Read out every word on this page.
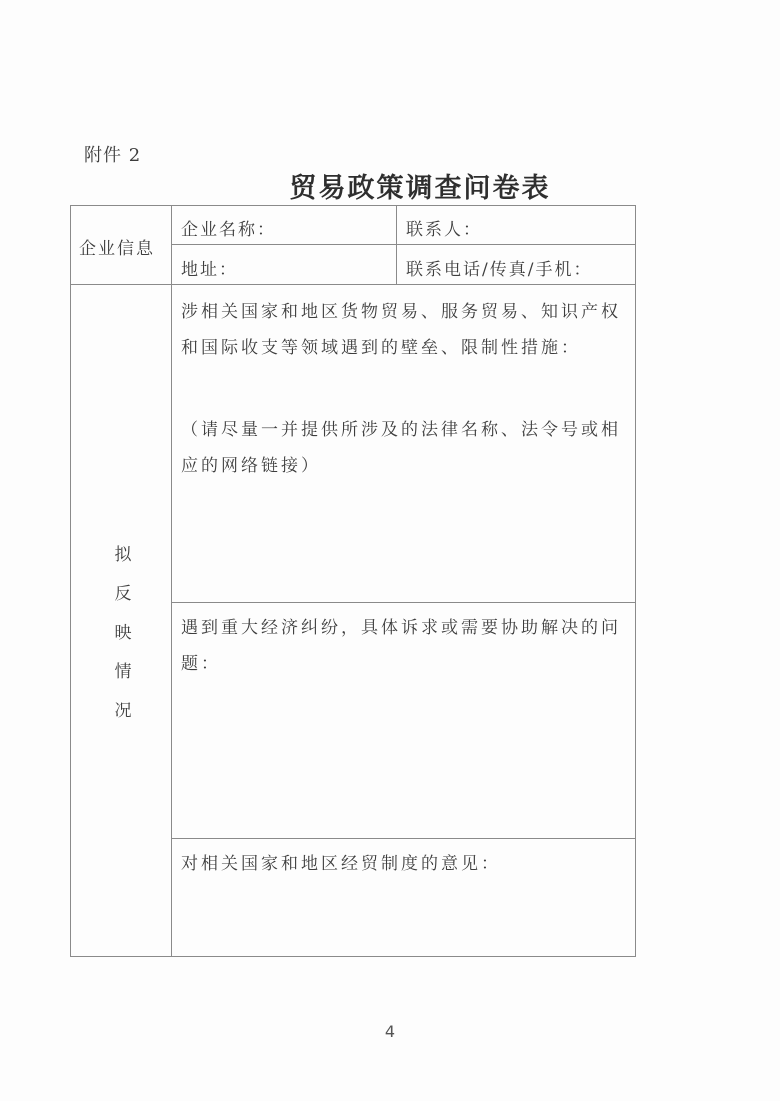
附件 2
贸易政策调查问卷表
企业信息
企业名称：	联系人：
地址：	联系电话/传真/手机：
拟
反
映
情
况
涉相关国家和地区货物贸易、服务贸易、知识产权和国际收支等领域遇到的壁垒、限制性措施：
（请尽量一并提供所涉及的法律名称、法令号或相应的网络链接）
遇到重大经济纠纷，具体诉求或需要协助解决的问题：
对相关国家和地区经贸制度的意见：
4
